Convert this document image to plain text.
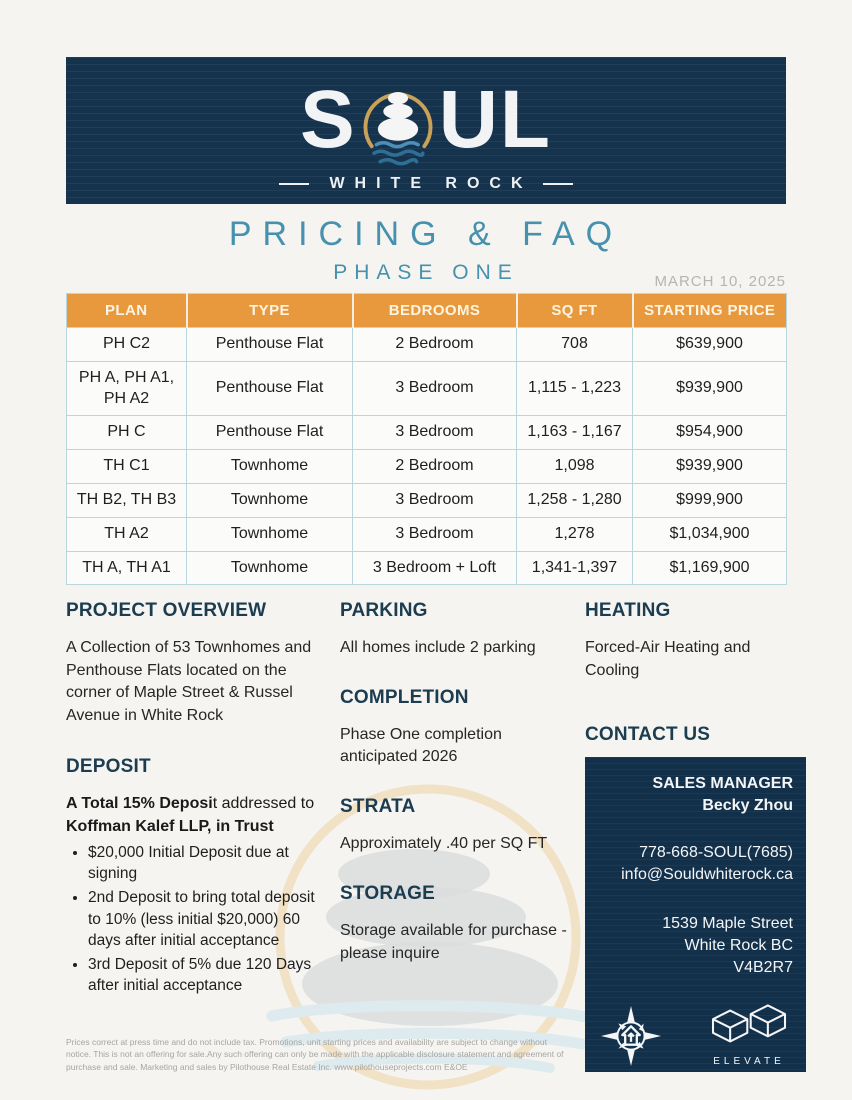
S UL
WHITE ROCK
PRICING & FAQ
PHASE ONE	MARCH 10, 2025
PLAN	TYPE	BEDROOMS	SQ FT	STARTING PRICE
PH C2	Penthouse Flat	2 Bedroom	708	$639,900
PH A, PH A1, PH A2	Penthouse Flat	3 Bedroom	1,115 - 1,223	$939,900
PH C	Penthouse Flat	3 Bedroom	1,163 - 1,167	$954,900
TH C1	Townhome	2 Bedroom	1,098	$939,900
TH B2, TH B3	Townhome	3 Bedroom	1,258 - 1,280	$999,900
TH A2	Townhome	3 Bedroom	1,278	$1,034,900
TH A, TH A1	Townhome	3 Bedroom + Loft	1,341-1,397	$1,169,900
PROJECT OVERVIEW

A Collection of 53 Townhomes and Penthouse Flats located on the corner of Maple Street & Russel Avenue in White Rock

DEPOSIT

A Total 15% Deposit addressed to Koffman Kalef LLP, in Trust

• $20,000 Initial Deposit due at signing
• 2nd Deposit to bring total deposit to 10% (less initial $20,000) 60 days after initial acceptance
• 3rd Deposit of 5% due 120 Days after initial acceptance
PARKING

All homes include 2 parking

COMPLETION

Phase One completion anticipated 2026

STRATA

Approximately .40 per SQ FT

STORAGE

Storage available for purchase - please inquire

HEATING

Forced-Air Heating and Cooling

CONTACT US
SALES MANAGER
Becky Zhou
778-668-SOUL(7685)
info@Souldwhiterock.ca
1539 Maple Street
White Rock BC
V4B2R7
ELEVATE
Prices correct at press time and do not include tax. Promotions, unit starting prices and availability are subject to change without notice. This is not an offering for sale.Any such offering can only be made with the applicable disclosure statement and agreement of purchase and sale. Marketing and sales by Pilothouse Real Estate Inc. www.pilothouseprojects.com E&OE
